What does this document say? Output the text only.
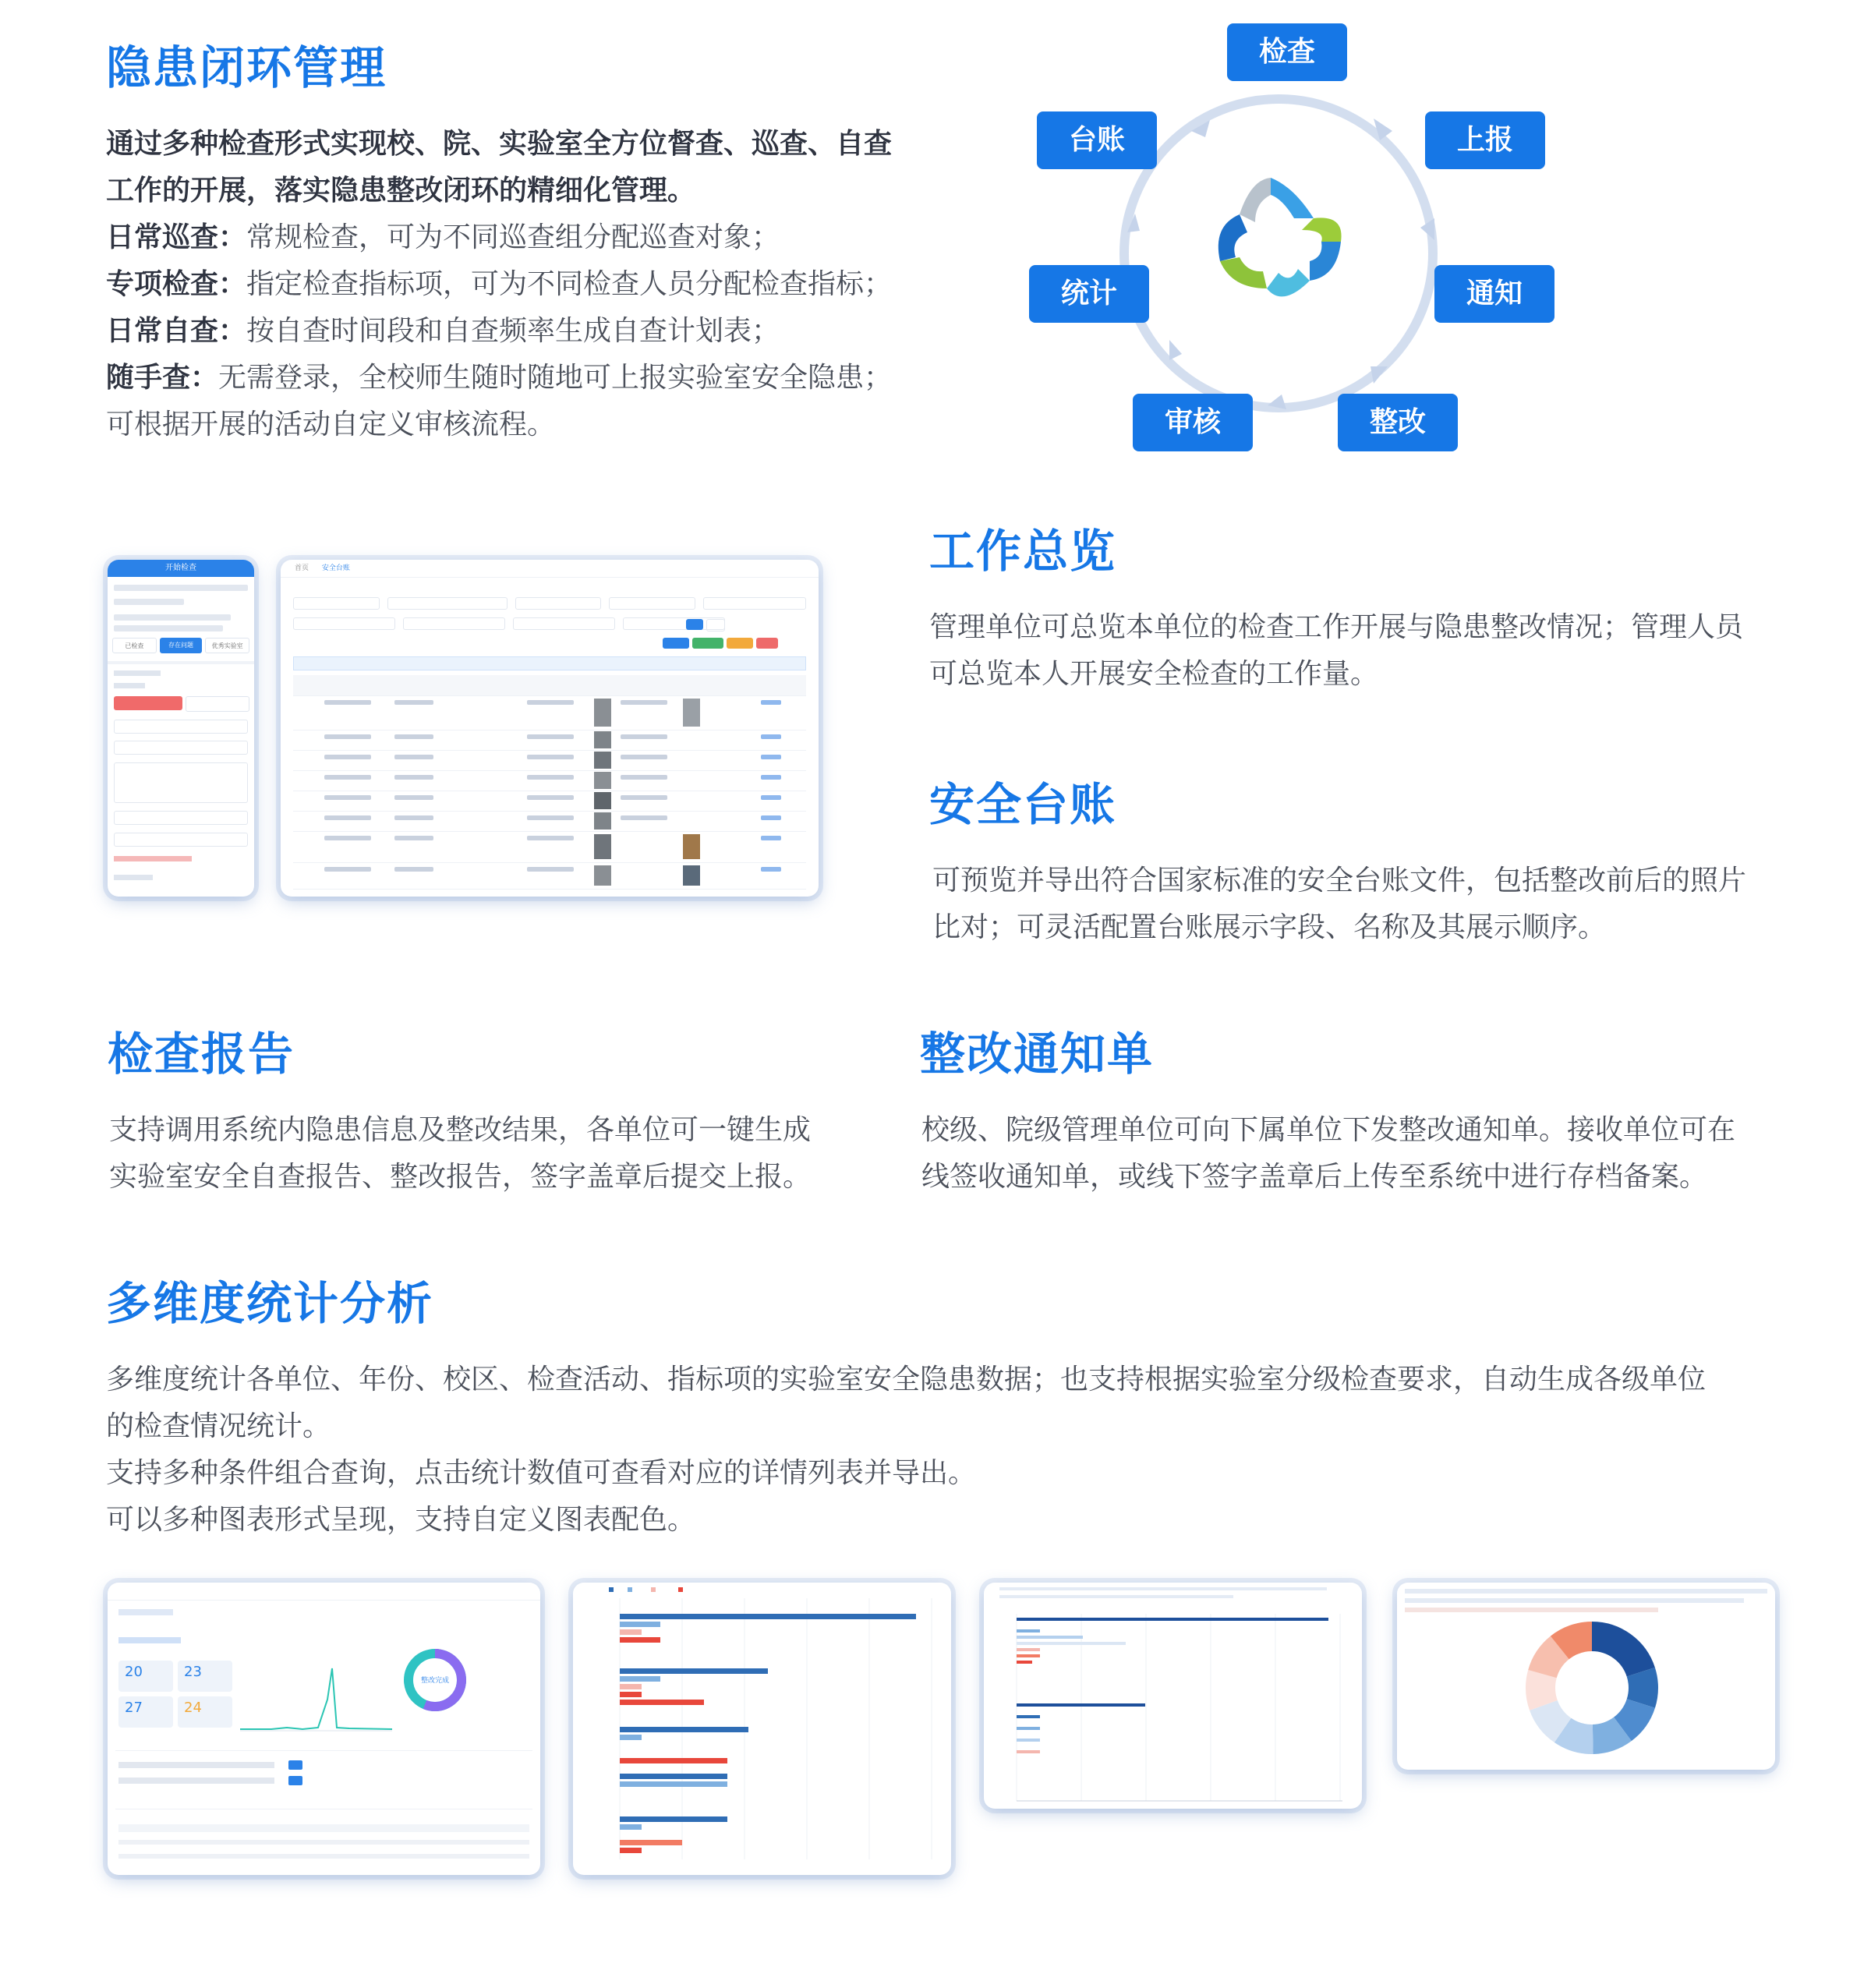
隐患闭环管理
通过多种检查形式实现校、院、实验室全方位督查、巡查、自查
工作的开展，落实隐患整改闭环的精细化管理。
日常巡查：常规检查，可为不同巡查组分配巡查对象；
专项检查：指定检查指标项，可为不同检查人员分配检查指标；
日常自查：按自查时间段和自查频率生成自查计划表；
随手查：无需登录，全校师生随时随地可上报实验室安全隐患；
可根据开展的活动自定义审核流程。
检查
上报
通知
整改
审核
统计
台账
开始检查
已检查	存在问题	优秀实验室
首页 安全台账	工作总览
管理单位可总览本单位的检查工作开展与隐患整改情况；管理人员
可总览本人开展安全检查的工作量。
安全台账
可预览并导出符合国家标准的安全台账文件，包括整改前后的照片
比对；可灵活配置台账展示字段、名称及其展示顺序。
检查报告
支持调用系统内隐患信息及整改结果，各单位可一键生成
实验室安全自查报告、整改报告，签字盖章后提交上报。
整改通知单
校级、院级管理单位可向下属单位下发整改通知单。接收单位可在
线签收通知单，或线下签字盖章后上传至系统中进行存档备案。
多维度统计分析
多维度统计各单位、年份、校区、检查活动、指标项的实验室安全隐患数据；也支持根据实验室分级检查要求，自动生成各级单位
的检查情况统计。
支持多种条件组合查询，点击统计数值可查看对应的详情列表并导出。
可以多种图表形式呈现，支持自定义图表配色。
20	23
27	24
整改完成
